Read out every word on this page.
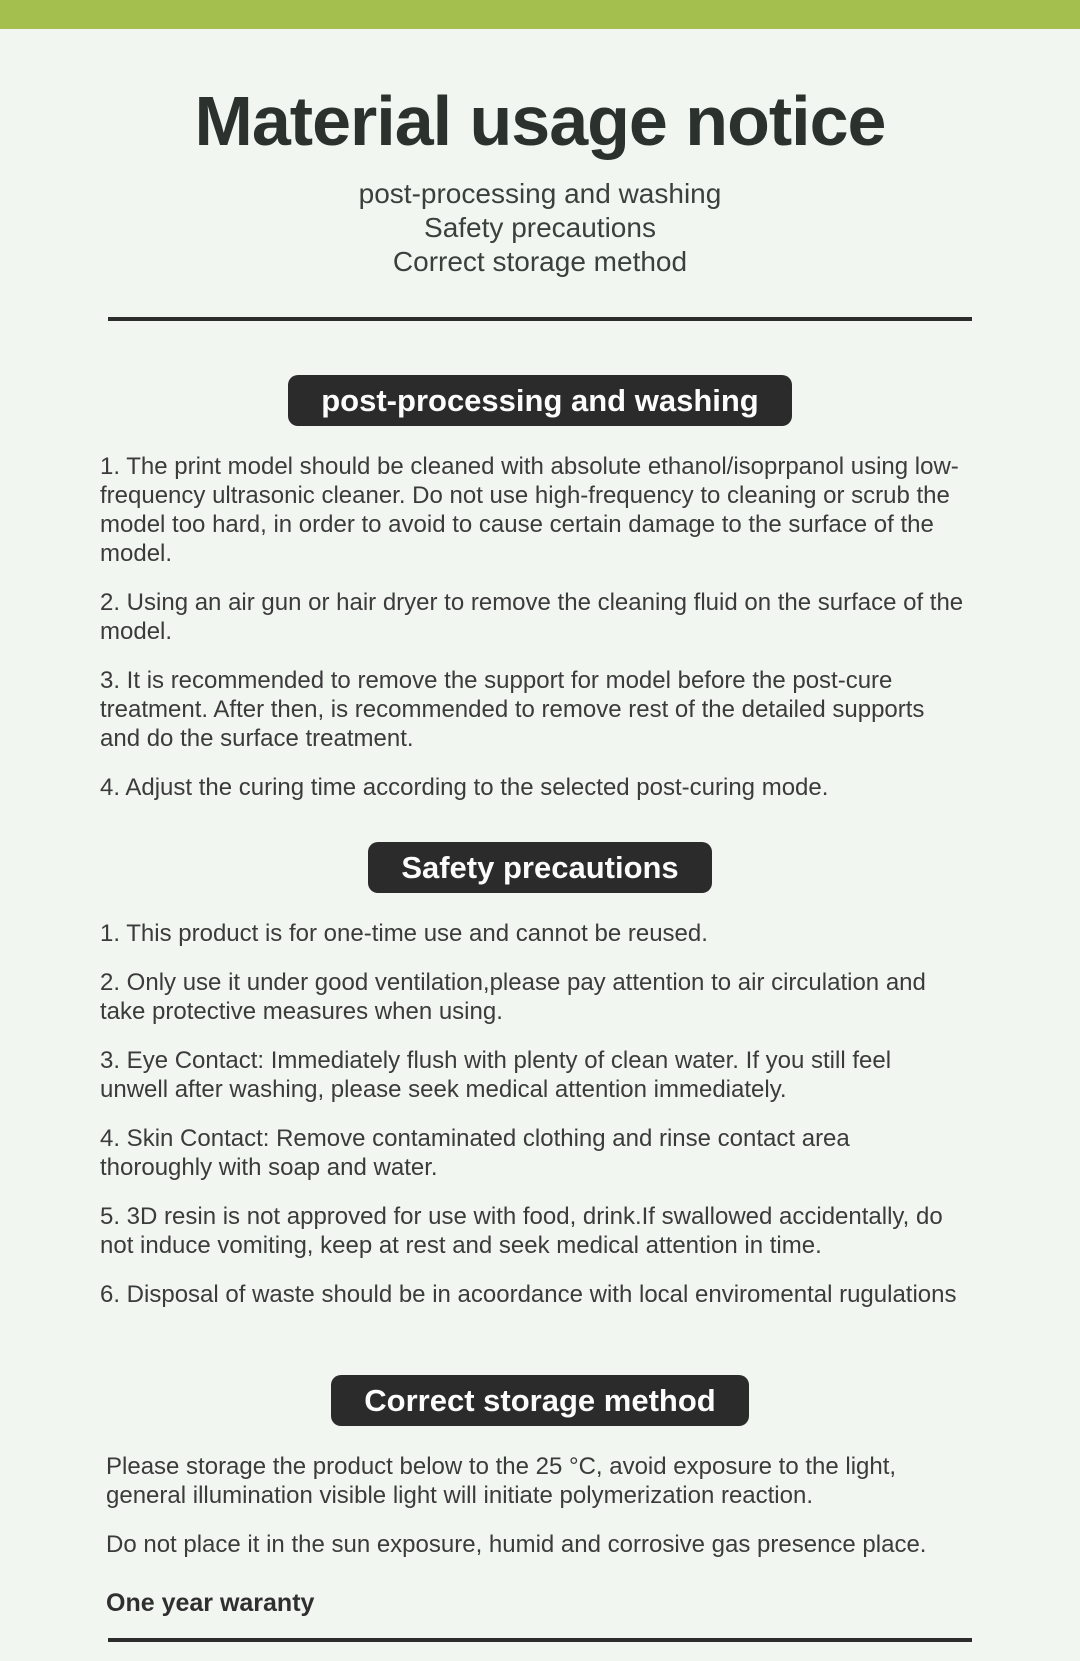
Material usage notice
post-processing and washing
Safety precautions
Correct storage method
post-processing and washing

1. The print model should be cleaned with absolute ethanol/isoprpanol using low-frequency ultrasonic cleaner. Do not use high-frequency to cleaning or scrub the model too hard, in order to avoid to cause certain damage to the surface of the model.

2. Using an air gun or hair dryer to remove the cleaning fluid on the surface of the model.

3. It is recommended to remove the support for model before the post-cure treatment. After then, is recommended to remove rest of the detailed supports and do the surface treatment.

4. Adjust the curing time according to the selected post-curing mode.

Safety precautions

1. This product is for one-time use and cannot be reused.

2. Only use it under good ventilation,please pay attention to air circulation and take protective measures when using.

3. Eye Contact: Immediately flush with plenty of clean water. If you still feel unwell after washing, please seek medical attention immediately.

4. Skin Contact: Remove contaminated clothing and rinse contact area thoroughly with soap and water.

5. 3D resin is not approved for use with food, drink.If swallowed accidentally, do not induce vomiting, keep at rest and seek medical attention in time.

6. Disposal of waste should be in acoordance with local enviromental rugulations

Correct storage method

Please storage the product below to the 25 °C, avoid exposure to the light, general illumination visible light will initiate polymerization reaction.

Do not place it in the sun exposure, humid and corrosive gas presence place.

One year waranty
